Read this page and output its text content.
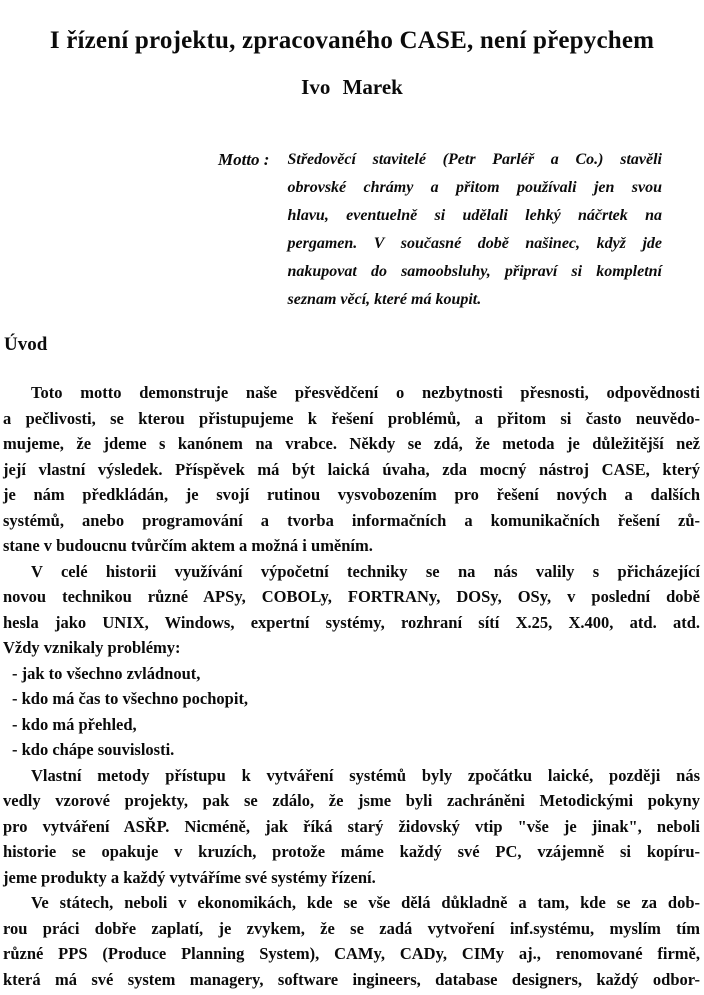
I řízení projektu, zpracovaného CASE, není přepychem
Ivo Marek
Motto :	Středověcí stavitelé (Petr Parléř a Co.) stavěli
obrovské chrámy a přitom používali jen svou
hlavu, eventuelně si udělali lehký náčrtek na
pergamen. V současné době našinec, když jde
nakupovat do samoobsluhy, připraví si kompletní
seznam věcí, které má koupit.
Úvod
Toto motto demonstruje naše přesvědčení o nezbytnosti přesnosti, odpovědnosti
a pečlivosti, se kterou přistupujeme k řešení problémů, a přitom si často neuvědo-
mujeme, že jdeme s kanónem na vrabce. Někdy se zdá, že metoda je důležitější než
její vlastní výsledek. Příspěvek má být laická úvaha, zda mocný nástroj CASE, který
je nám předkládán, je svojí rutinou vysvobozením pro řešení nových a dalších
systémů, anebo programování a tvorba informačních a komunikačních řešení zů-
stane v budoucnu tvůrčím aktem a možná i uměním.
V celé historii využívání výpočetní techniky se na nás valily s přicházející
novou technikou různé APSy, COBOLy, FORTRANy, DOSy, OSy, v poslední době
hesla jako UNIX, Windows, expertní systémy, rozhraní sítí X.25, X.400, atd. atd.
Vždy vznikaly problémy:
- jak to všechno zvládnout,
- kdo má čas to všechno pochopit,
- kdo má přehled,
- kdo chápe souvislosti.
Vlastní metody přístupu k vytváření systémů byly zpočátku laické, později nás
vedly vzorové projekty, pak se zdálo, že jsme byli zachráněni Metodickými pokyny
pro vytváření ASŘP. Nicméně, jak říká starý židovský vtip "vše je jinak", neboli
historie se opakuje v kruzích, protože máme každý své PC, vzájemně si kopíru-
jeme produkty a každý vytváříme své systémy řízení.
Ve státech, neboli v ekonomikách, kde se vše dělá důkladně a tam, kde se za dob-
rou práci dobře zaplatí, je zvykem, že se zadá vytvoření inf.systému, myslím tím
různé PPS (Produce Planning System), CAMy, CADy, CIMy aj., renomované firmě,
která má své system managery, software ingineers, database designers, každý odbor-
